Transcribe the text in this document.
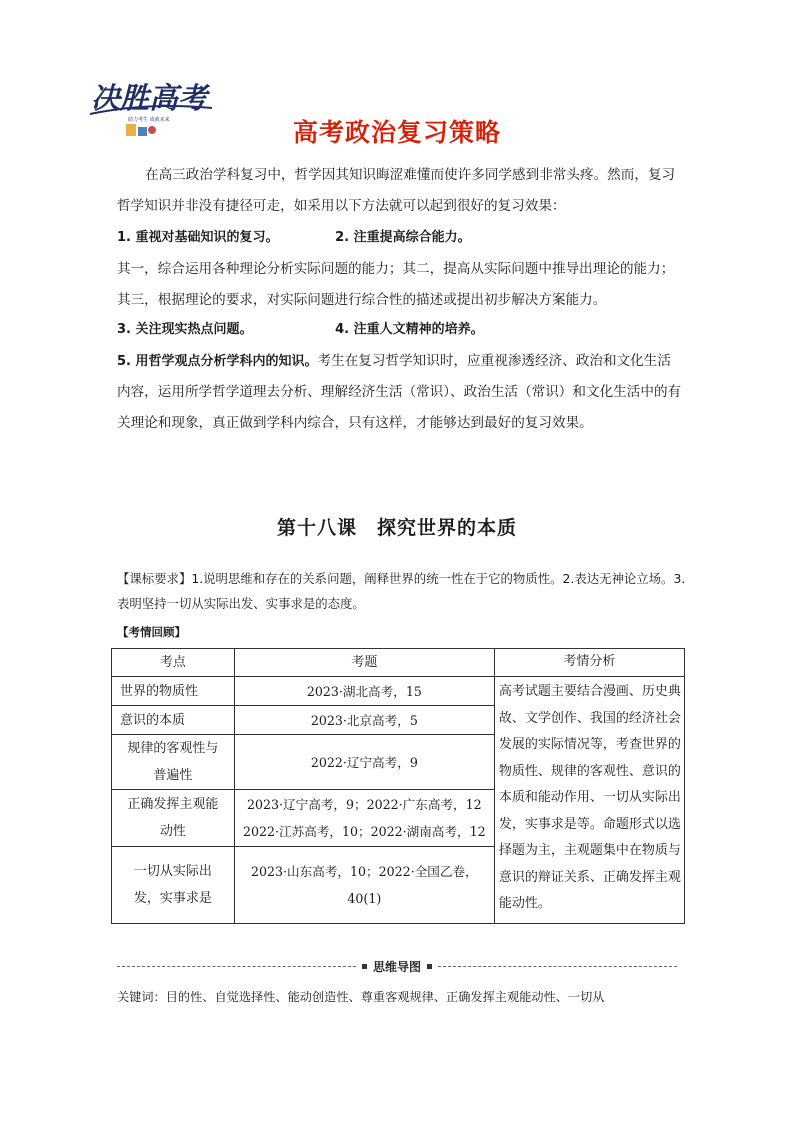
决胜高考
助力考生 成就未来	高考政治复习策略

在高三政治学科复习中，哲学因其知识晦涩难懂而使许多同学感到非常头疼。然而，复习哲学知识并非没有捷径可走，如采用以下方法就可以起到很好的复习效果：

1. 重视对基础知识的复习。	2. 注重提高综合能力。

其一，综合运用各种理论分析实际问题的能力；其二，提高从实际问题中推导出理论的能力；其三，根据理论的要求，对实际问题进行综合性的描述或提出初步解决方案能力。

3. 关注现实热点问题。	4. 注重人文精神的培养。

5. 用哲学观点分析学科内的知识。考生在复习哲学知识时，应重视渗透经济、政治和文化生活内容，运用所学哲学道理去分析、理解经济生活（常识）、政治生活（常识）和文化生活中的有关理论和现象，真正做到学科内综合，只有这样，才能够达到最好的复习效果。

第十八课　探究世界的本质
【课标要求】1.说明思维和存在的关系问题，阐释世界的统一性在于它的物质性。2.表达无神论立场。3.表明坚持一切从实际出发、实事求是的态度。
【考情回顾】
考点	考题	考情分析
世界的物质性	2023·湖北高考，15	高考试题主要结合漫画、历史典故、文学创作、我国的经济社会发展的实际情况等，考查世界的物质性、规律的客观性、意识的本质和能动作用、一切从实际出发，实事求是等。命题形式以选择题为主，主观题集中在物质与意识的辩证关系、正确发挥主观能动性。
意识的本质	2023·北京高考，5	
规律的客观性与普遍性	2022·辽宁高考，9	
正确发挥主观能动性	2023·辽宁高考，9；2022·广东高考，12　2022·江苏高考，10；2022·湖南高考，12	
一切从实际出发，实事求是	2023·山东高考，10；2022·全国乙卷，40(1)	
思维导图
关键词：目的性、自觉选择性、能动创造性、尊重客观规律、正确发挥主观能动性、一切从
